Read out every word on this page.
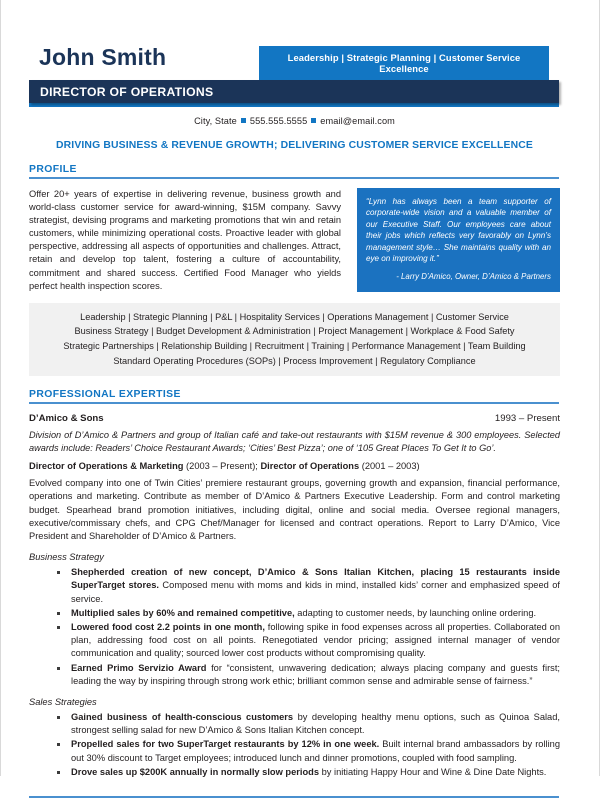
John Smith	Leadership | Strategic Planning | Customer Service Excellence
DIRECTOR OF OPERATIONS
City, State 555.555.5555 email@email.com
DRIVING BUSINESS & REVENUE GROWTH; DELIVERING CUSTOMER SERVICE EXCELLENCE
PROFILE
Offer 20+ years of expertise in delivering revenue, business growth and world-class customer service for award-winning, $15M company. Savvy strategist, devising programs and marketing promotions that win and retain customers, while minimizing operational costs. Proactive leader with global perspective, addressing all aspects of opportunities and challenges. Attract, retain and develop top talent, fostering a culture of accountability, commitment and shared success. Certified Food Manager who yields perfect health inspection scores.
“Lynn has always been a team supporter of corporate-wide vision and a valuable member of our Executive Staff. Our employees care about their jobs which reflects very favorably on Lynn’s management style… She maintains quality with an eye on improving it.”
- Larry D’Amico, Owner, D’Amico & Partners
Leadership | Strategic Planning | P&L | Hospitality Services | Operations Management | Customer Service
Business Strategy | Budget Development & Administration | Project Management | Workplace & Food Safety
Strategic Partnerships | Relationship Building | Recruitment | Training | Performance Management | Team Building
Standard Operating Procedures (SOPs) | Process Improvement | Regulatory Compliance
PROFESSIONAL EXPERTISE
D’Amico & Sons	1993 – Present
Division of D’Amico & Partners and group of Italian café and take-out restaurants with $15M revenue & 300 employees. Selected awards include: Readers’ Choice Restaurant Awards; ‘Cities’ Best Pizza’; one of ‘105 Great Places To Get It to Go’.
Director of Operations & Marketing (2003 – Present); Director of Operations (2001 – 2003)
Evolved company into one of Twin Cities’ premiere restaurant groups, governing growth and expansion, financial performance, operations and marketing. Contribute as member of D’Amico & Partners Executive Leadership. Form and control marketing budget. Spearhead brand promotion initiatives, including digital, online and social media. Oversee regional managers, executive/commissary chefs, and CPG Chef/Manager for licensed and contract operations. Report to Larry D’Amico, Vice President and Shareholder of D’Amico & Partners.
Business Strategy
Shepherded creation of new concept, D’Amico & Sons Italian Kitchen, placing 15 restaurants inside SuperTarget stores. Composed menu with moms and kids in mind, installed kids’ corner and emphasized speed of service.
Multiplied sales by 60% and remained competitive, adapting to customer needs, by launching online ordering.
Lowered food cost 2.2 points in one month, following spike in food expenses across all properties. Collaborated on plan, addressing food cost on all points. Renegotiated vendor pricing; assigned internal manager of vendor communication and quality; sourced lower cost products without compromising quality.
Earned Primo Servizio Award for “consistent, unwavering dedication; always placing company and guests first; leading the way by inspiring through strong work ethic; brilliant common sense and admirable sense of fairness.”
Sales Strategies
Gained business of health-conscious customers by developing healthy menu options, such as Quinoa Salad, strongest selling salad for new D’Amico & Sons Italian Kitchen concept.
Propelled sales for two SuperTarget restaurants by 12% in one week. Built internal brand ambassadors by rolling out 30% discount to Target employees; introduced lunch and dinner promotions, coupled with food sampling.
Drove sales up $200K annually in normally slow periods by initiating Happy Hour and Wine & Dine Date Nights.
